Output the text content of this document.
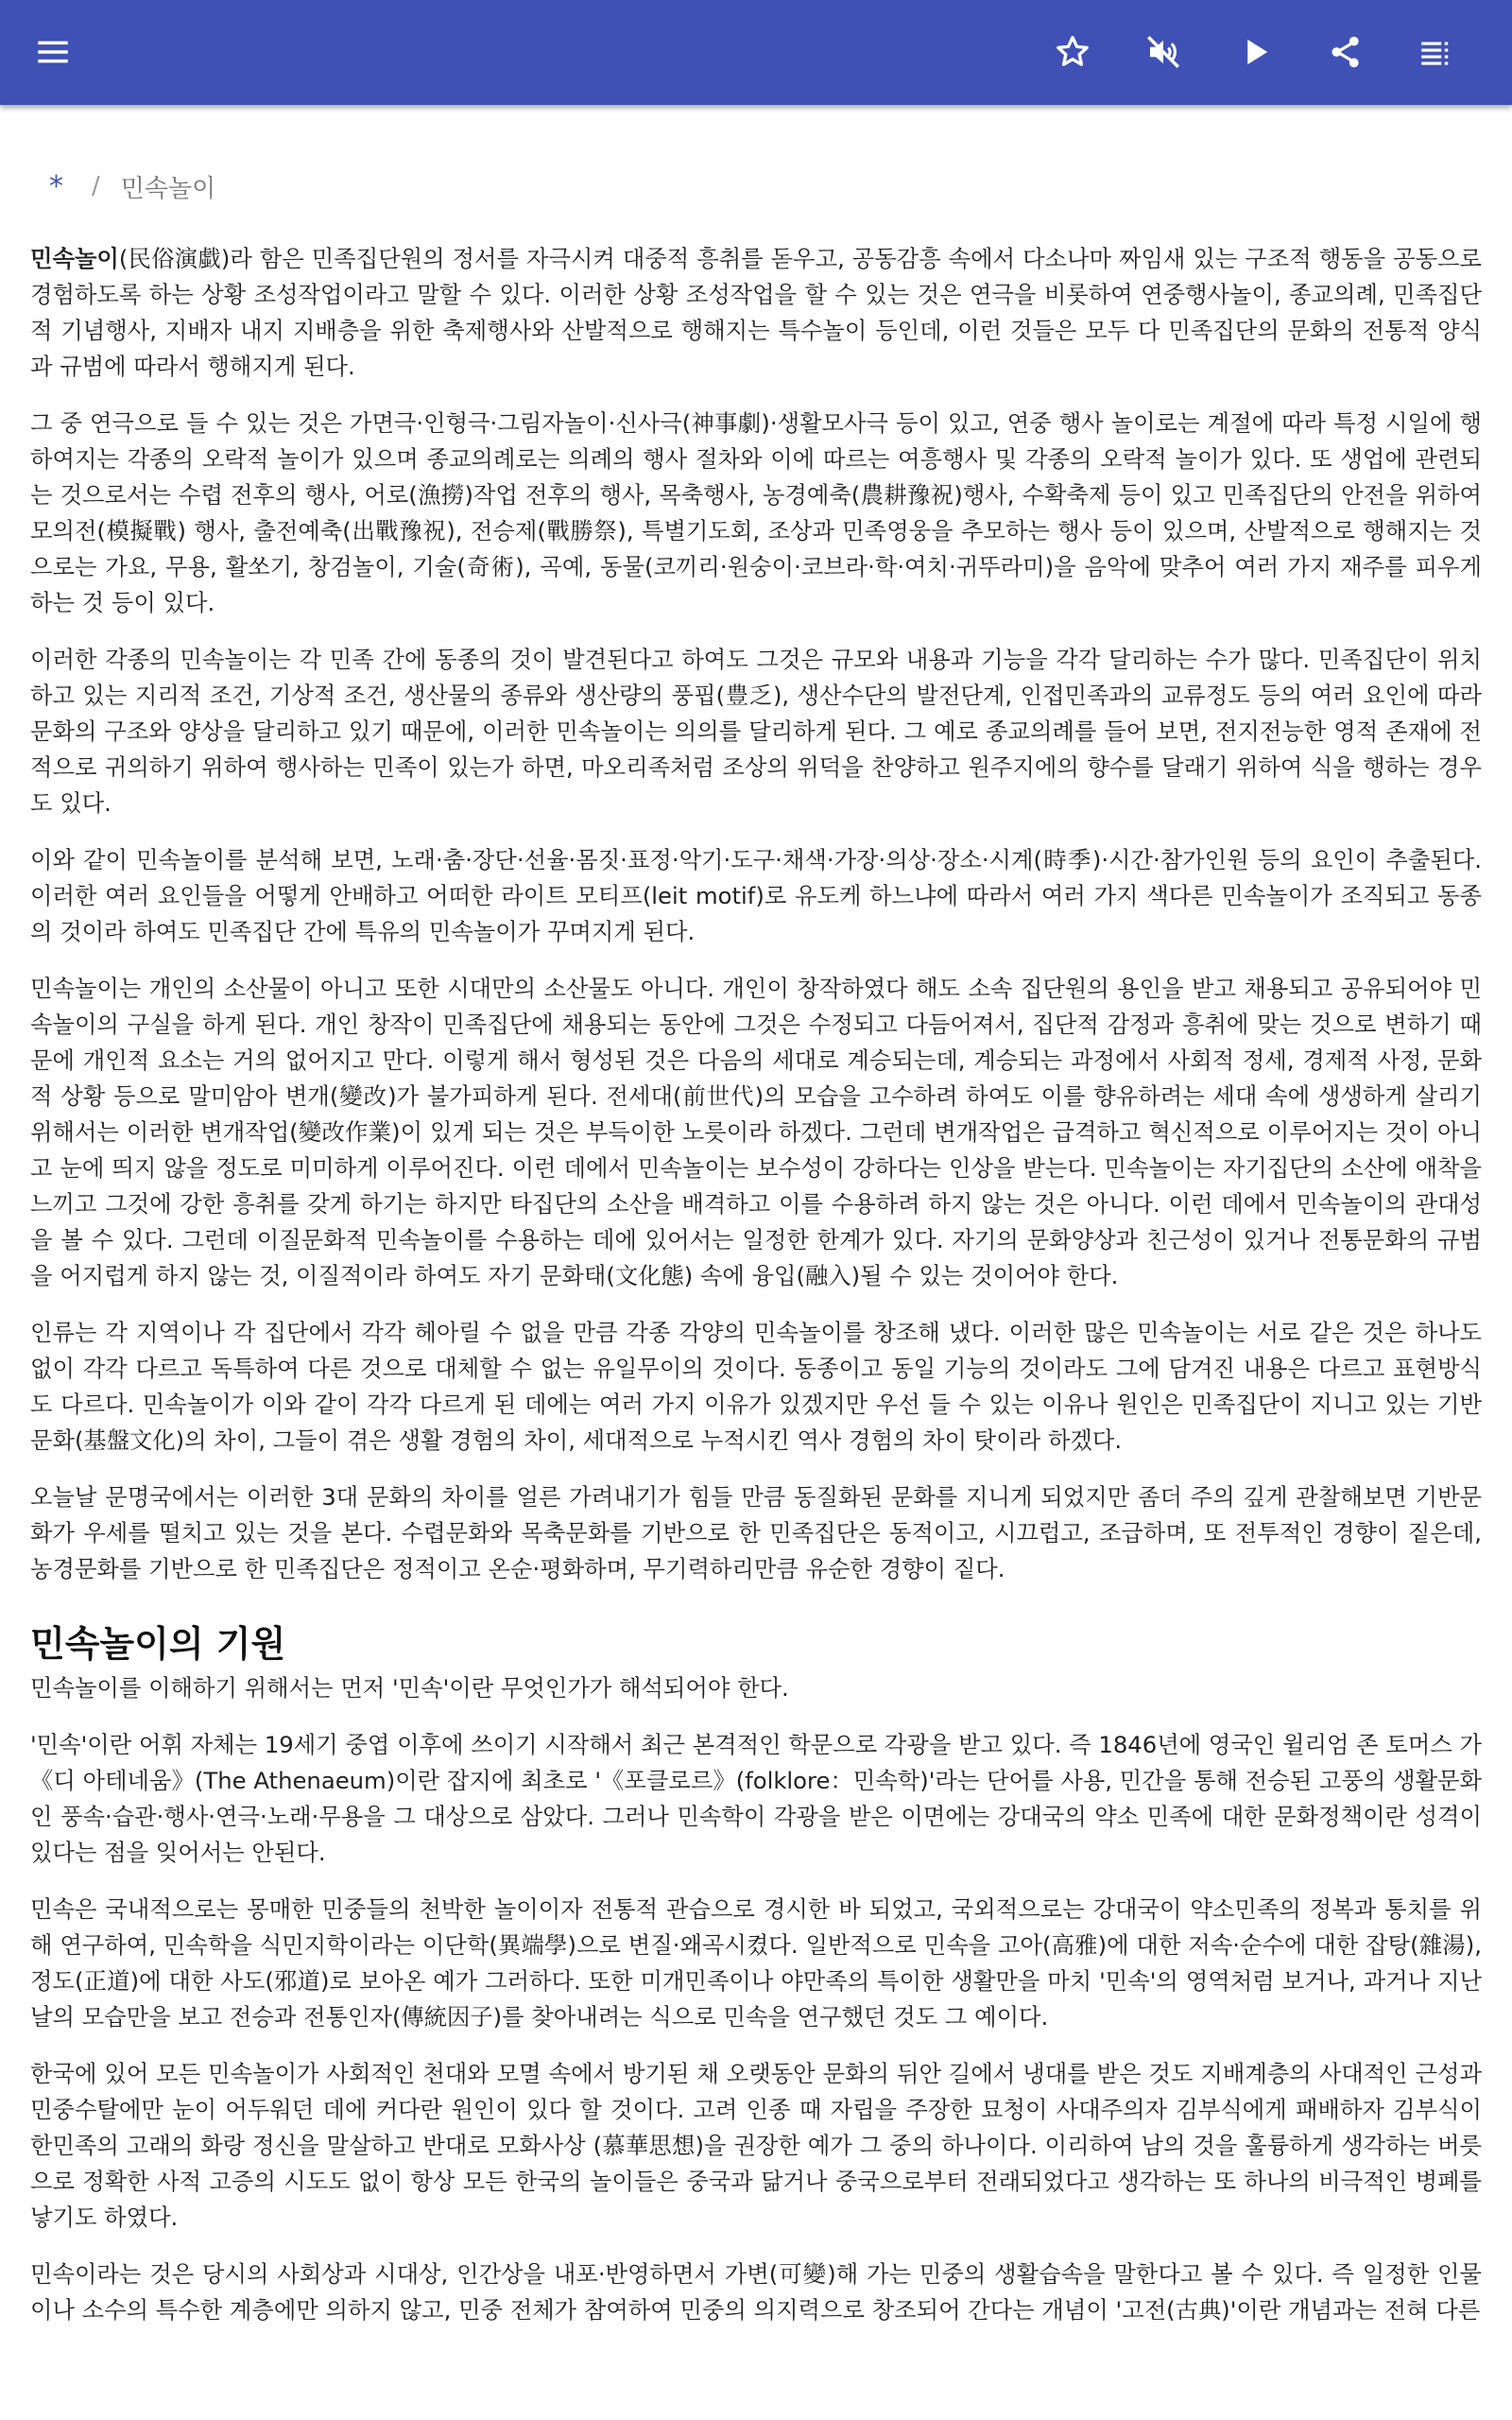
* / 민속놀이

민속놀이(民俗演戱)라 함은 민족집단원의 정서를 자극시켜 대중적 흥취를 돋우고, 공동감흥 속에서 다소나마 짜임새 있는 구조적 행동을 공동으로 경험하도록 하는 상황 조성작업이라고 말할 수 있다. 이러한 상황 조성작업을 할 수 있는 것은 연극을 비롯하여 연중행사놀이, 종교의례, 민족집단적 기념행사, 지배자 내지 지배층을 위한 축제행사와 산발적으로 행해지는 특수놀이 등인데, 이런 것들은 모두 다 민족집단의 문화의 전통적 양식과 규범에 따라서 행해지게 된다.

그 중 연극으로 들 수 있는 것은 가면극·인형극·그림자놀이·신사극(神事劇)·생활모사극 등이 있고, 연중 행사 놀이로는 계절에 따라 특정 시일에 행하여지는 각종의 오락적 놀이가 있으며 종교의례로는 의례의 행사 절차와 이에 따르는 여흥행사 및 각종의 오락적 놀이가 있다. 또 생업에 관련되는 것으로서는 수렵 전후의 행사, 어로(漁撈)작업 전후의 행사, 목축행사, 농경예축(農耕豫祝)행사, 수확축제 등이 있고 민족집단의 안전을 위하여 모의전(模擬戰) 행사, 출전예축(出戰豫祝), 전승제(戰勝祭), 특별기도회, 조상과 민족영웅을 추모하는 행사 등이 있으며, 산발적으로 행해지는 것으로는 가요, 무용, 활쏘기, 창검놀이, 기술(奇術), 곡예, 동물(코끼리·원숭이·코브라·학·여치·귀뚜라미)을 음악에 맞추어 여러 가지 재주를 피우게 하는 것 등이 있다.

이러한 각종의 민속놀이는 각 민족 간에 동종의 것이 발견된다고 하여도 그것은 규모와 내용과 기능을 각각 달리하는 수가 많다. 민족집단이 위치하고 있는 지리적 조건, 기상적 조건, 생산물의 종류와 생산량의 풍핍(豊乏), 생산수단의 발전단계, 인접민족과의 교류정도 등의 여러 요인에 따라 문화의 구조와 양상을 달리하고 있기 때문에, 이러한 민속놀이는 의의를 달리하게 된다. 그 예로 종교의례를 들어 보면, 전지전능한 영적 존재에 전적으로 귀의하기 위하여 행사하는 민족이 있는가 하면, 마오리족처럼 조상의 위덕을 찬양하고 원주지에의 향수를 달래기 위하여 식을 행하는 경우도 있다.

이와 같이 민속놀이를 분석해 보면, 노래·춤·장단·선율·몸짓·표정·악기·도구·채색·가장·의상·장소·시계(時季)·시간·참가인원 등의 요인이 추출된다. 이러한 여러 요인들을 어떻게 안배하고 어떠한 라이트 모티프(leit motif)로 유도케 하느냐에 따라서 여러 가지 색다른 민속놀이가 조직되고 동종의 것이라 하여도 민족집단 간에 특유의 민속놀이가 꾸며지게 된다.

민속놀이는 개인의 소산물이 아니고 또한 시대만의 소산물도 아니다. 개인이 창작하였다 해도 소속 집단원의 용인을 받고 채용되고 공유되어야 민속놀이의 구실을 하게 된다. 개인 창작이 민족집단에 채용되는 동안에 그것은 수정되고 다듬어져서, 집단적 감정과 흥취에 맞는 것으로 변하기 때문에 개인적 요소는 거의 없어지고 만다. 이렇게 해서 형성된 것은 다음의 세대로 계승되는데, 계승되는 과정에서 사회적 정세, 경제적 사정, 문화적 상황 등으로 말미암아 변개(變改)가 불가피하게 된다. 전세대(前世代)의 모습을 고수하려 하여도 이를 향유하려는 세대 속에 생생하게 살리기 위해서는 이러한 변개작업(變改作業)이 있게 되는 것은 부득이한 노릇이라 하겠다. 그런데 변개작업은 급격하고 혁신적으로 이루어지는 것이 아니고 눈에 띄지 않을 정도로 미미하게 이루어진다. 이런 데에서 민속놀이는 보수성이 강하다는 인상을 받는다. 민속놀이는 자기집단의 소산에 애착을 느끼고 그것에 강한 흥취를 갖게 하기는 하지만 타집단의 소산을 배격하고 이를 수용하려 하지 않는 것은 아니다. 이런 데에서 민속놀이의 관대성을 볼 수 있다. 그런데 이질문화적 민속놀이를 수용하는 데에 있어서는 일정한 한계가 있다. 자기의 문화양상과 친근성이 있거나 전통문화의 규범을 어지럽게 하지 않는 것, 이질적이라 하여도 자기 문화태(文化態) 속에 융입(融入)될 수 있는 것이어야 한다.

인류는 각 지역이나 각 집단에서 각각 헤아릴 수 없을 만큼 각종 각양의 민속놀이를 창조해 냈다. 이러한 많은 민속놀이는 서로 같은 것은 하나도 없이 각각 다르고 독특하여 다른 것으로 대체할 수 없는 유일무이의 것이다. 동종이고 동일 기능의 것이라도 그에 담겨진 내용은 다르고 표현방식도 다르다. 민속놀이가 이와 같이 각각 다르게 된 데에는 여러 가지 이유가 있겠지만 우선 들 수 있는 이유나 원인은 민족집단이 지니고 있는 기반문화(基盤文化)의 차이, 그들이 겪은 생활 경험의 차이, 세대적으로 누적시킨 역사 경험의 차이 탓이라 하겠다.

오늘날 문명국에서는 이러한 3대 문화의 차이를 얼른 가려내기가 힘들 만큼 동질화된 문화를 지니게 되었지만 좀더 주의 깊게 관찰해보면 기반문화가 우세를 떨치고 있는 것을 본다. 수렵문화와 목축문화를 기반으로 한 민족집단은 동적이고, 시끄럽고, 조급하며, 또 전투적인 경향이 짙은데, 농경문화를 기반으로 한 민족집단은 정적이고 온순·평화하며, 무기력하리만큼 유순한 경향이 짙다.

민속놀이의 기원

민속놀이를 이해하기 위해서는 먼저 '민속'이란 무엇인가가 해석되어야 한다.

'민속'이란 어휘 자체는 19세기 중엽 이후에 쓰이기 시작해서 최근 본격적인 학문으로 각광을 받고 있다. 즉 1846년에 영국인 윌리엄 존 토머스 가 《디 아테네움》(The Athenaeum)이란 잡지에 최초로 '《포클로르》(folklore：민속학)'라는 단어를 사용, 민간을 통해 전승된 고풍의 생활문화인 풍속·습관·행사·연극·노래·무용을 그 대상으로 삼았다. 그러나 민속학이 각광을 받은 이면에는 강대국의 약소 민족에 대한 문화정책이란 성격이 있다는 점을 잊어서는 안된다.

민속은 국내적으로는 몽매한 민중들의 천박한 놀이이자 전통적 관습으로 경시한 바 되었고, 국외적으로는 강대국이 약소민족의 정복과 통치를 위해 연구하여, 민속학을 식민지학이라는 이단학(異端學)으로 변질·왜곡시켰다. 일반적으로 민속을 고아(高雅)에 대한 저속·순수에 대한 잡탕(雜湯), 정도(正道)에 대한 사도(邪道)로 보아온 예가 그러하다. 또한 미개민족이나 야만족의 특이한 생활만을 마치 '민속'의 영역처럼 보거나, 과거나 지난날의 모습만을 보고 전승과 전통인자(傳統因子)를 찾아내려는 식으로 민속을 연구했던 것도 그 예이다.

한국에 있어 모든 민속놀이가 사회적인 천대와 모멸 속에서 방기된 채 오랫동안 문화의 뒤안 길에서 냉대를 받은 것도 지배계층의 사대적인 근성과 민중수탈에만 눈이 어두워던 데에 커다란 원인이 있다 할 것이다. 고려 인종 때 자립을 주장한 묘청이 사대주의자 김부식에게 패배하자 김부식이 한민족의 고래의 화랑 정신을 말살하고 반대로 모화사상 (慕華思想)을 권장한 예가 그 중의 하나이다. 이리하여 남의 것을 훌륭하게 생각하는 버릇으로 정확한 사적 고증의 시도도 없이 항상 모든 한국의 놀이들은 중국과 닮거나 중국으로부터 전래되었다고 생각하는 또 하나의 비극적인 병폐를 낳기도 하였다.

민속이라는 것은 당시의 사회상과 시대상, 인간상을 내포·반영하면서 가변(可變)해 가는 민중의 생활습속을 말한다고 볼 수 있다. 즉 일정한 인물이나 소수의 특수한 계층에만 의하지 않고, 민중 전체가 참여하여 민중의 의지력으로 창조되어 간다는 개념이 '고전(古典)'이란 개념과는 전혀 다른
